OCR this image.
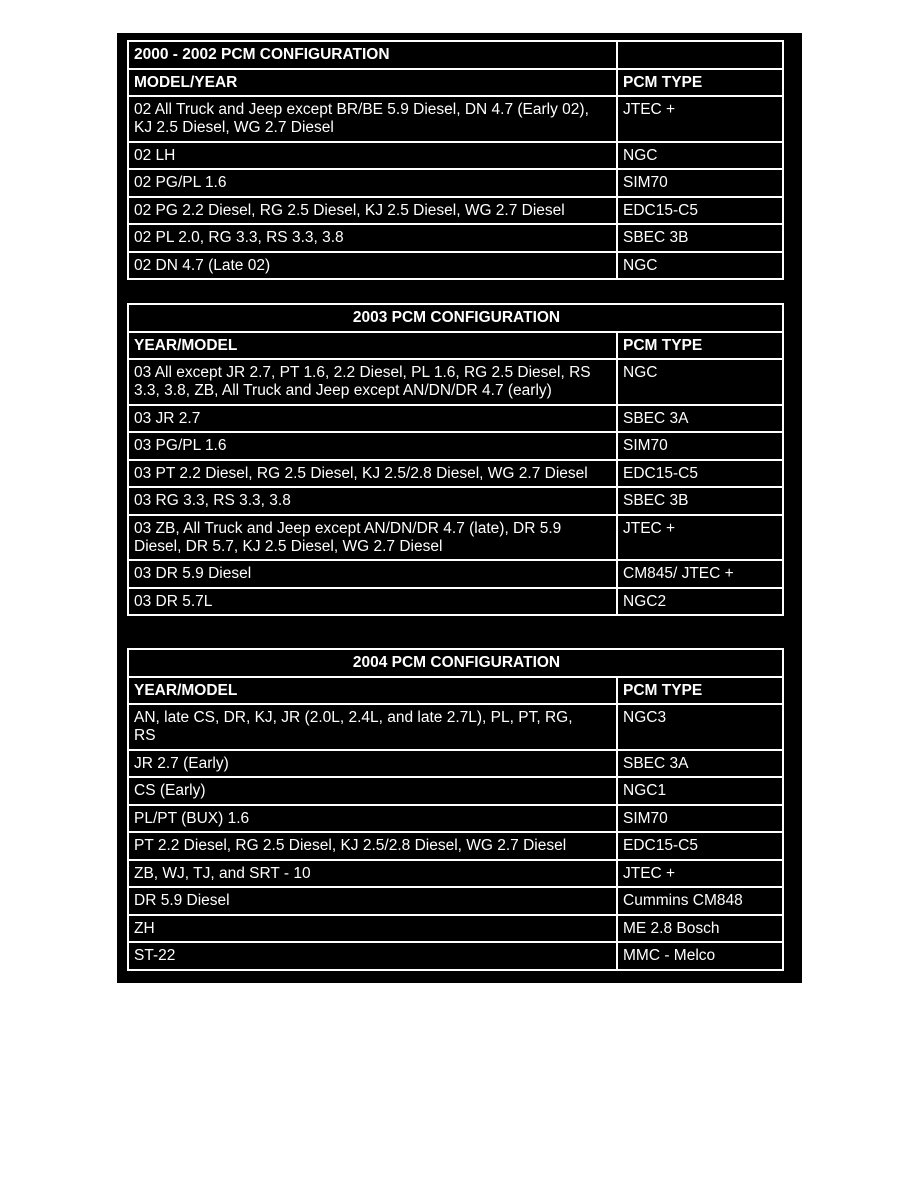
2000 - 2002 PCM CONFIGURATION	
MODEL/YEAR	PCM TYPE
02 All Truck and Jeep except BR/BE 5.9 Diesel, DN 4.7 (Early 02),
KJ 2.5 Diesel, WG 2.7 Diesel	JTEC +
02 LH	NGC
02 PG/PL 1.6	SIM70
02 PG 2.2 Diesel, RG 2.5 Diesel, KJ 2.5 Diesel, WG 2.7 Diesel	EDC15-C5
02 PL 2.0, RG 3.3, RS 3.3, 3.8	SBEC 3B
02 DN 4.7 (Late 02)	NGC
2003 PCM CONFIGURATION	
YEAR/MODEL	PCM TYPE
03 All except JR 2.7, PT 1.6, 2.2 Diesel, PL 1.6, RG 2.5 Diesel, RS
3.3, 3.8, ZB, All Truck and Jeep except AN/DN/DR 4.7 (early)	NGC
03 JR 2.7	SBEC 3A
03 PG/PL 1.6	SIM70
03 PT 2.2 Diesel, RG 2.5 Diesel, KJ 2.5/2.8 Diesel, WG 2.7 Diesel	EDC15-C5
03 RG 3.3, RS 3.3, 3.8	SBEC 3B
03 ZB, All Truck and Jeep except AN/DN/DR 4.7 (late), DR 5.9
Diesel, DR 5.7, KJ 2.5 Diesel, WG 2.7 Diesel	JTEC +
03 DR 5.9 Diesel	CM845/ JTEC +
03 DR 5.7L	NGC2
2004 PCM CONFIGURATION	
YEAR/MODEL	PCM TYPE
AN, late CS, DR, KJ, JR (2.0L, 2.4L, and late 2.7L), PL, PT, RG,
RS	NGC3
JR 2.7 (Early)	SBEC 3A
CS (Early)	NGC1
PL/PT (BUX) 1.6	SIM70
PT 2.2 Diesel, RG 2.5 Diesel, KJ 2.5/2.8 Diesel, WG 2.7 Diesel	EDC15-C5
ZB, WJ, TJ, and SRT - 10	JTEC +
DR 5.9 Diesel	Cummins CM848
ZH	ME 2.8 Bosch
ST-22	MMC - Melco
